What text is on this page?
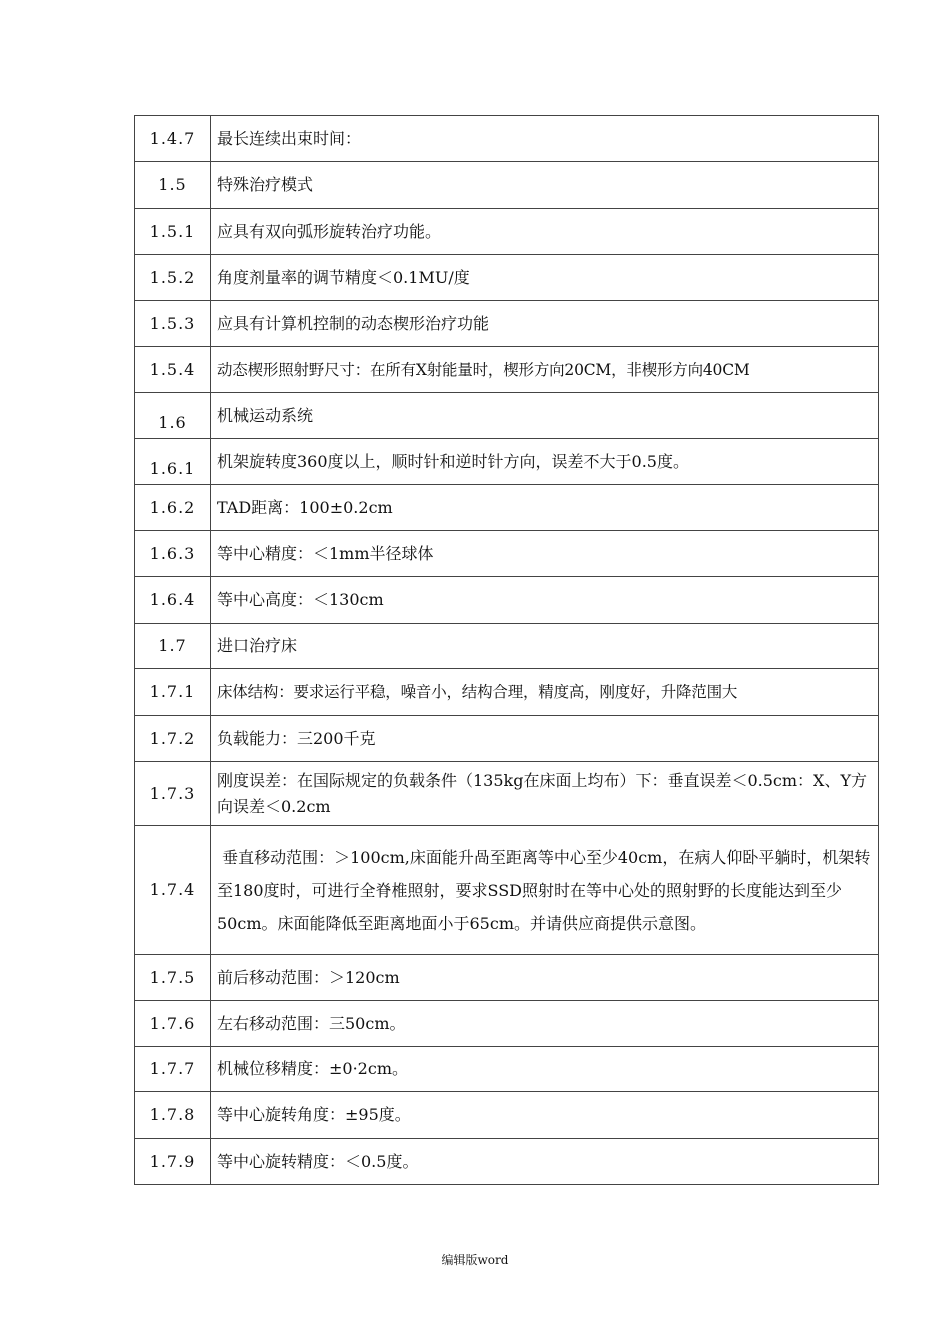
1.4.7	最长连续出束时间：
1.5	特殊治疗模式
1.5.1	应具有双向弧形旋转治疗功能。
1.5.2	角度剂量率的调节精度＜0.1MU/度
1.5.3	应具有计算机控制的动态楔形治疗功能
1.5.4	动态楔形照射野尺寸：在所有X射能量时，楔形方向20CM，非楔形方向40CM
1.6	机械运动系统
1.6.1	机架旋转度360度以上，顺时针和逆时针方向，误差不大于0.5度。
1.6.2	TAD距离：100±0.2cm
1.6.3	等中心精度：＜1mm半径球体
1.6.4	等中心高度：＜130cm
1.7	进口治疗床
1.7.1	床体结构：要求运行平稳，噪音小，结构合理，精度高，刚度好，升降范围大
1.7.2	负载能力：三200千克
1.7.3	刚度误差：在国际规定的负载条件（135kg在床面上均布）下：垂直误差＜0.5cm：X、Y方向误差＜0.2cm
1.7.4	垂直移动范围：＞100cm,床面能升咼至距离等中心至少40cm，在病人仰卧平躺时，机架转至180度时，可进行全脊椎照射，要求SSD照射时在等中心处的照射野的长度能达到至少50cm。床面能降低至距离地面小于65cm。并请供应商提供示意图。
1.7.5	前后移动范围：＞120cm
1.7.6	左右移动范围：三50cm。
1.7.7	机械位移精度：±0·2cm。
1.7.8	等中心旋转角度：±95度。
1.7.9	等中心旋转精度：＜0.5度。
编辑版word
